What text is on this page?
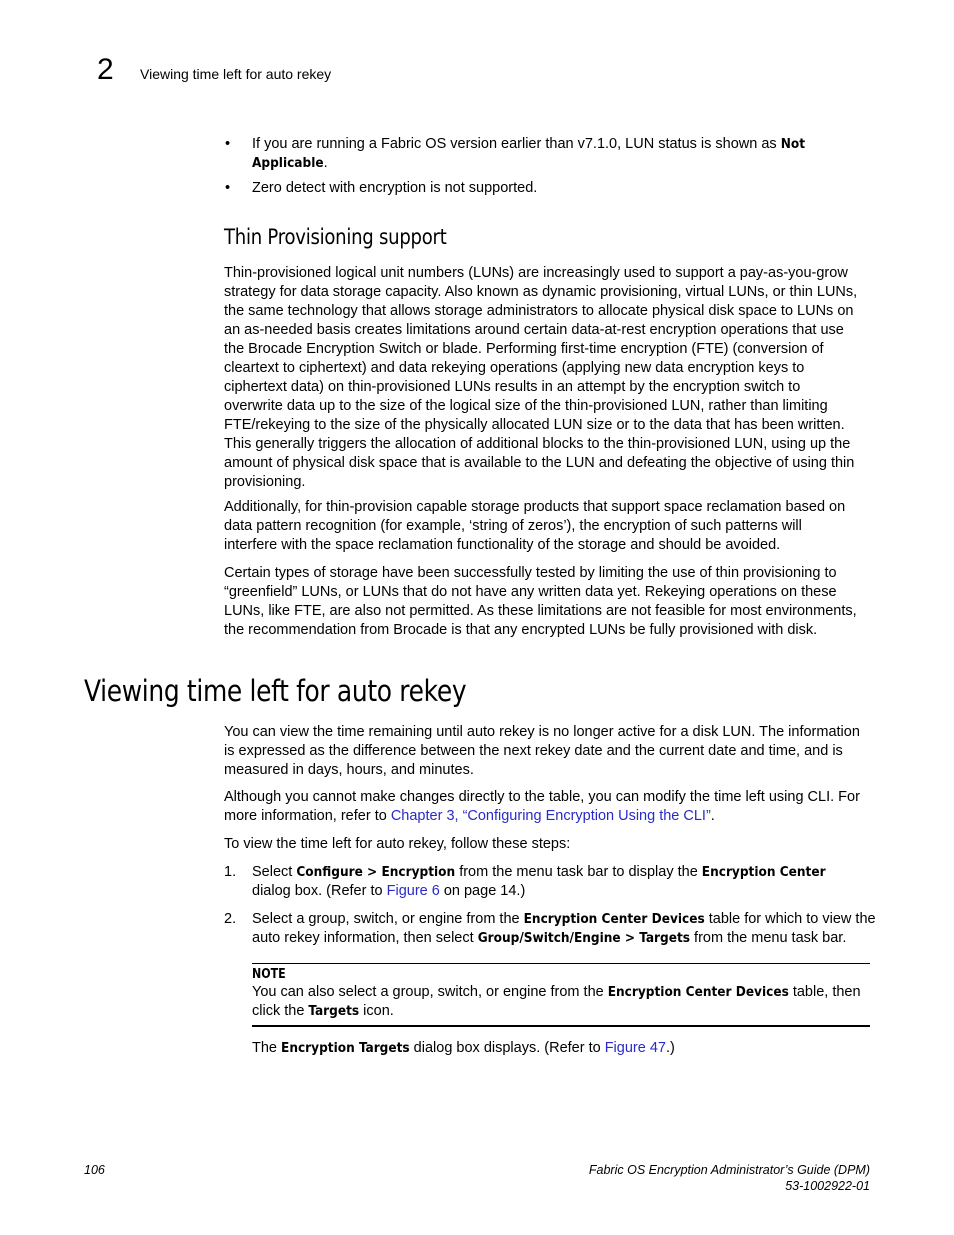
2 Viewing time left for auto rekey
• If you are running a Fabric OS version earlier than v7.1.0, LUN status is shown as Not
Applicable.
• Zero detect with encryption is not supported.
Thin Provisioning support
Thin-provisioned logical unit numbers (LUNs) are increasingly used to support a pay-as-you-grow
strategy for data storage capacity. Also known as dynamic provisioning, virtual LUNs, or thin LUNs,
the same technology that allows storage administrators to allocate physical disk space to LUNs on
an as-needed basis creates limitations around certain data-at-rest encryption operations that use
the Brocade Encryption Switch or blade. Performing first-time encryption (FTE) (conversion of
cleartext to ciphertext) and data rekeying operations (applying new data encryption keys to
ciphertext data) on thin-provisioned LUNs results in an attempt by the encryption switch to
overwrite data up to the size of the logical size of the thin-provisioned LUN, rather than limiting
FTE/rekeying to the size of the physically allocated LUN size or to the data that has been written.
This generally triggers the allocation of additional blocks to the thin-provisioned LUN, using up the
amount of physical disk space that is available to the LUN and defeating the objective of using thin
provisioning.
Additionally, for thin-provision capable storage products that support space reclamation based on
data pattern recognition (for example, ‘string of zeros’), the encryption of such patterns will
interfere with the space reclamation functionality of the storage and should be avoided.
Certain types of storage have been successfully tested by limiting the use of thin provisioning to
“greenfield” LUNs, or LUNs that do not have any written data yet. Rekeying operations on these
LUNs, like FTE, are also not permitted. As these limitations are not feasible for most environments,
the recommendation from Brocade is that any encrypted LUNs be fully provisioned with disk.
Viewing time left for auto rekey
You can view the time remaining until auto rekey is no longer active for a disk LUN. The information
is expressed as the difference between the next rekey date and the current date and time, and is
measured in days, hours, and minutes.
Although you cannot make changes directly to the table, you can modify the time left using CLI. For
more information, refer to Chapter 3, “Configuring Encryption Using the CLI”.
To view the time left for auto rekey, follow these steps:
1. Select Configure > Encryption from the menu task bar to display the Encryption Center
dialog box. (Refer to Figure 6 on page 14.)
2. Select a group, switch, or engine from the Encryption Center Devices table for which to view the
auto rekey information, then select Group/Switch/Engine > Targets from the menu task bar.
NOTE
You can also select a group, switch, or engine from the Encryption Center Devices table, then
click the Targets icon.
The Encryption Targets dialog box displays. (Refer to Figure 47.)
106	Fabric OS Encryption Administrator’s Guide (DPM)
53-1002922-01
